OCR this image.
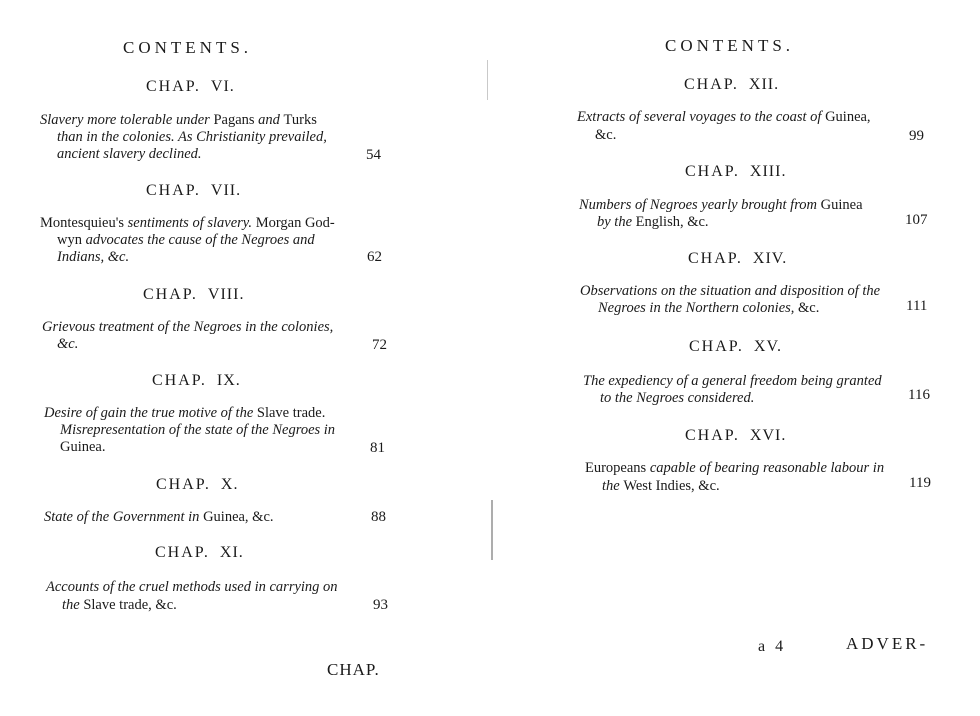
CONTENTS.
CHAP. VI.
Slavery more tolerable under Pagans and Turks
than in the colonies. As Christianity prevailed,
ancient slavery declined.	54
CHAP. VII.
Montesquieu's sentiments of slavery. Morgan God-
wyn advocates the cause of the Negroes and
Indians, &c.	62
CHAP. VIII.
Grievous treatment of the Negroes in the colonies,
&c.	72
CHAP. IX.
Desire of gain the true motive of the Slave trade.
Misrepresentation of the state of the Negroes in
Guinea.	81
CHAP. X.
State of the Government in Guinea, &c.	88
CHAP. XI.
Accounts of the cruel methods used in carrying on
the Slave trade, &c.	93
CHAP.
CONTENTS.
CHAP. XII.
Extracts of several voyages to the coast of Guinea,
&c.	99
CHAP. XIII.
Numbers of Negroes yearly brought from Guinea
by the English, &c.	107
CHAP. XIV.
Observations on the situation and disposition of the
Negroes in the Northern colonies, &c.	111
CHAP. XV.
The expediency of a general freedom being granted
to the Negroes considered.	116
CHAP. XVI.
Europeans capable of bearing reasonable labour in
the West Indies, &c.	119
a 4	ADVER-
